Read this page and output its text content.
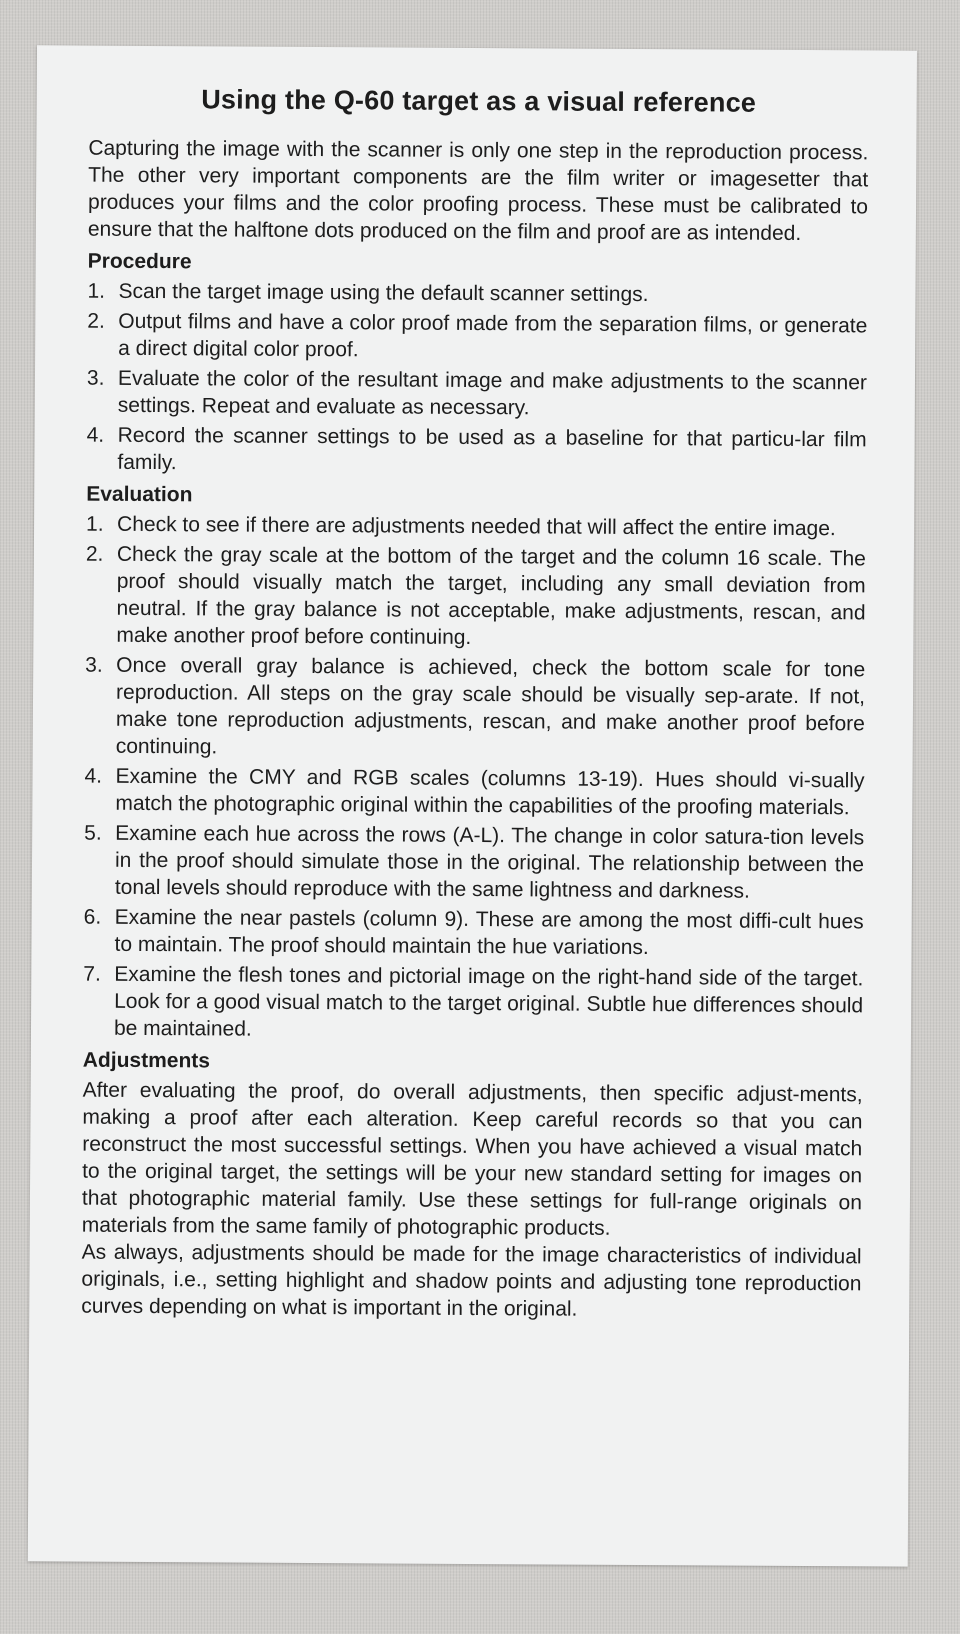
Using the Q-60 target as a visual reference

Capturing the image with the scanner is only one step in the reproduction process. The other very important components are the film writer or imagesetter that produces your films and the color proofing process. These must be calibrated to ensure that the halftone dots produced on the film and proof are as intended.

Procedure
1. Scan the target image using the default scanner settings.
2. Output films and have a color proof made from the separation films, or generate a direct digital color proof.
3. Evaluate the color of the resultant image and make adjustments to the scanner settings. Repeat and evaluate as necessary.
4. Record the scanner settings to be used as a baseline for that particu-lar film family.
Evaluation
1. Check to see if there are adjustments needed that will affect the entire image.
2. Check the gray scale at the bottom of the target and the column 16 scale. The proof should visually match the target, including any small deviation from neutral. If the gray balance is not acceptable, make adjustments, rescan, and make another proof before continuing.
3. Once overall gray balance is achieved, check the bottom scale for tone reproduction. All steps on the gray scale should be visually sep-arate. If not, make tone reproduction adjustments, rescan, and make another proof before continuing.
4. Examine the CMY and RGB scales (columns 13-19). Hues should vi-sually match the photographic original within the capabilities of the proofing materials.
5. Examine each hue across the rows (A-L). The change in color satura-tion levels in the proof should simulate those in the original. The relationship between the tonal levels should reproduce with the same lightness and darkness.
6. Examine the near pastels (column 9). These are among the most diffi-cult hues to maintain. The proof should maintain the hue variations.
7. Examine the flesh tones and pictorial image on the right-hand side of the target. Look for a good visual match to the target original. Subtle hue differences should be maintained.
Adjustments

After evaluating the proof, do overall adjustments, then specific adjust-ments, making a proof after each alteration. Keep careful records so that you can reconstruct the most successful settings. When you have achieved a visual match to the original target, the settings will be your new standard setting for images on that photographic material family. Use these settings for full-range originals on materials from the same family of photographic products.

As always, adjustments should be made for the image characteristics of individual originals, i.e., setting highlight and shadow points and adjusting tone reproduction curves depending on what is important in the original.
